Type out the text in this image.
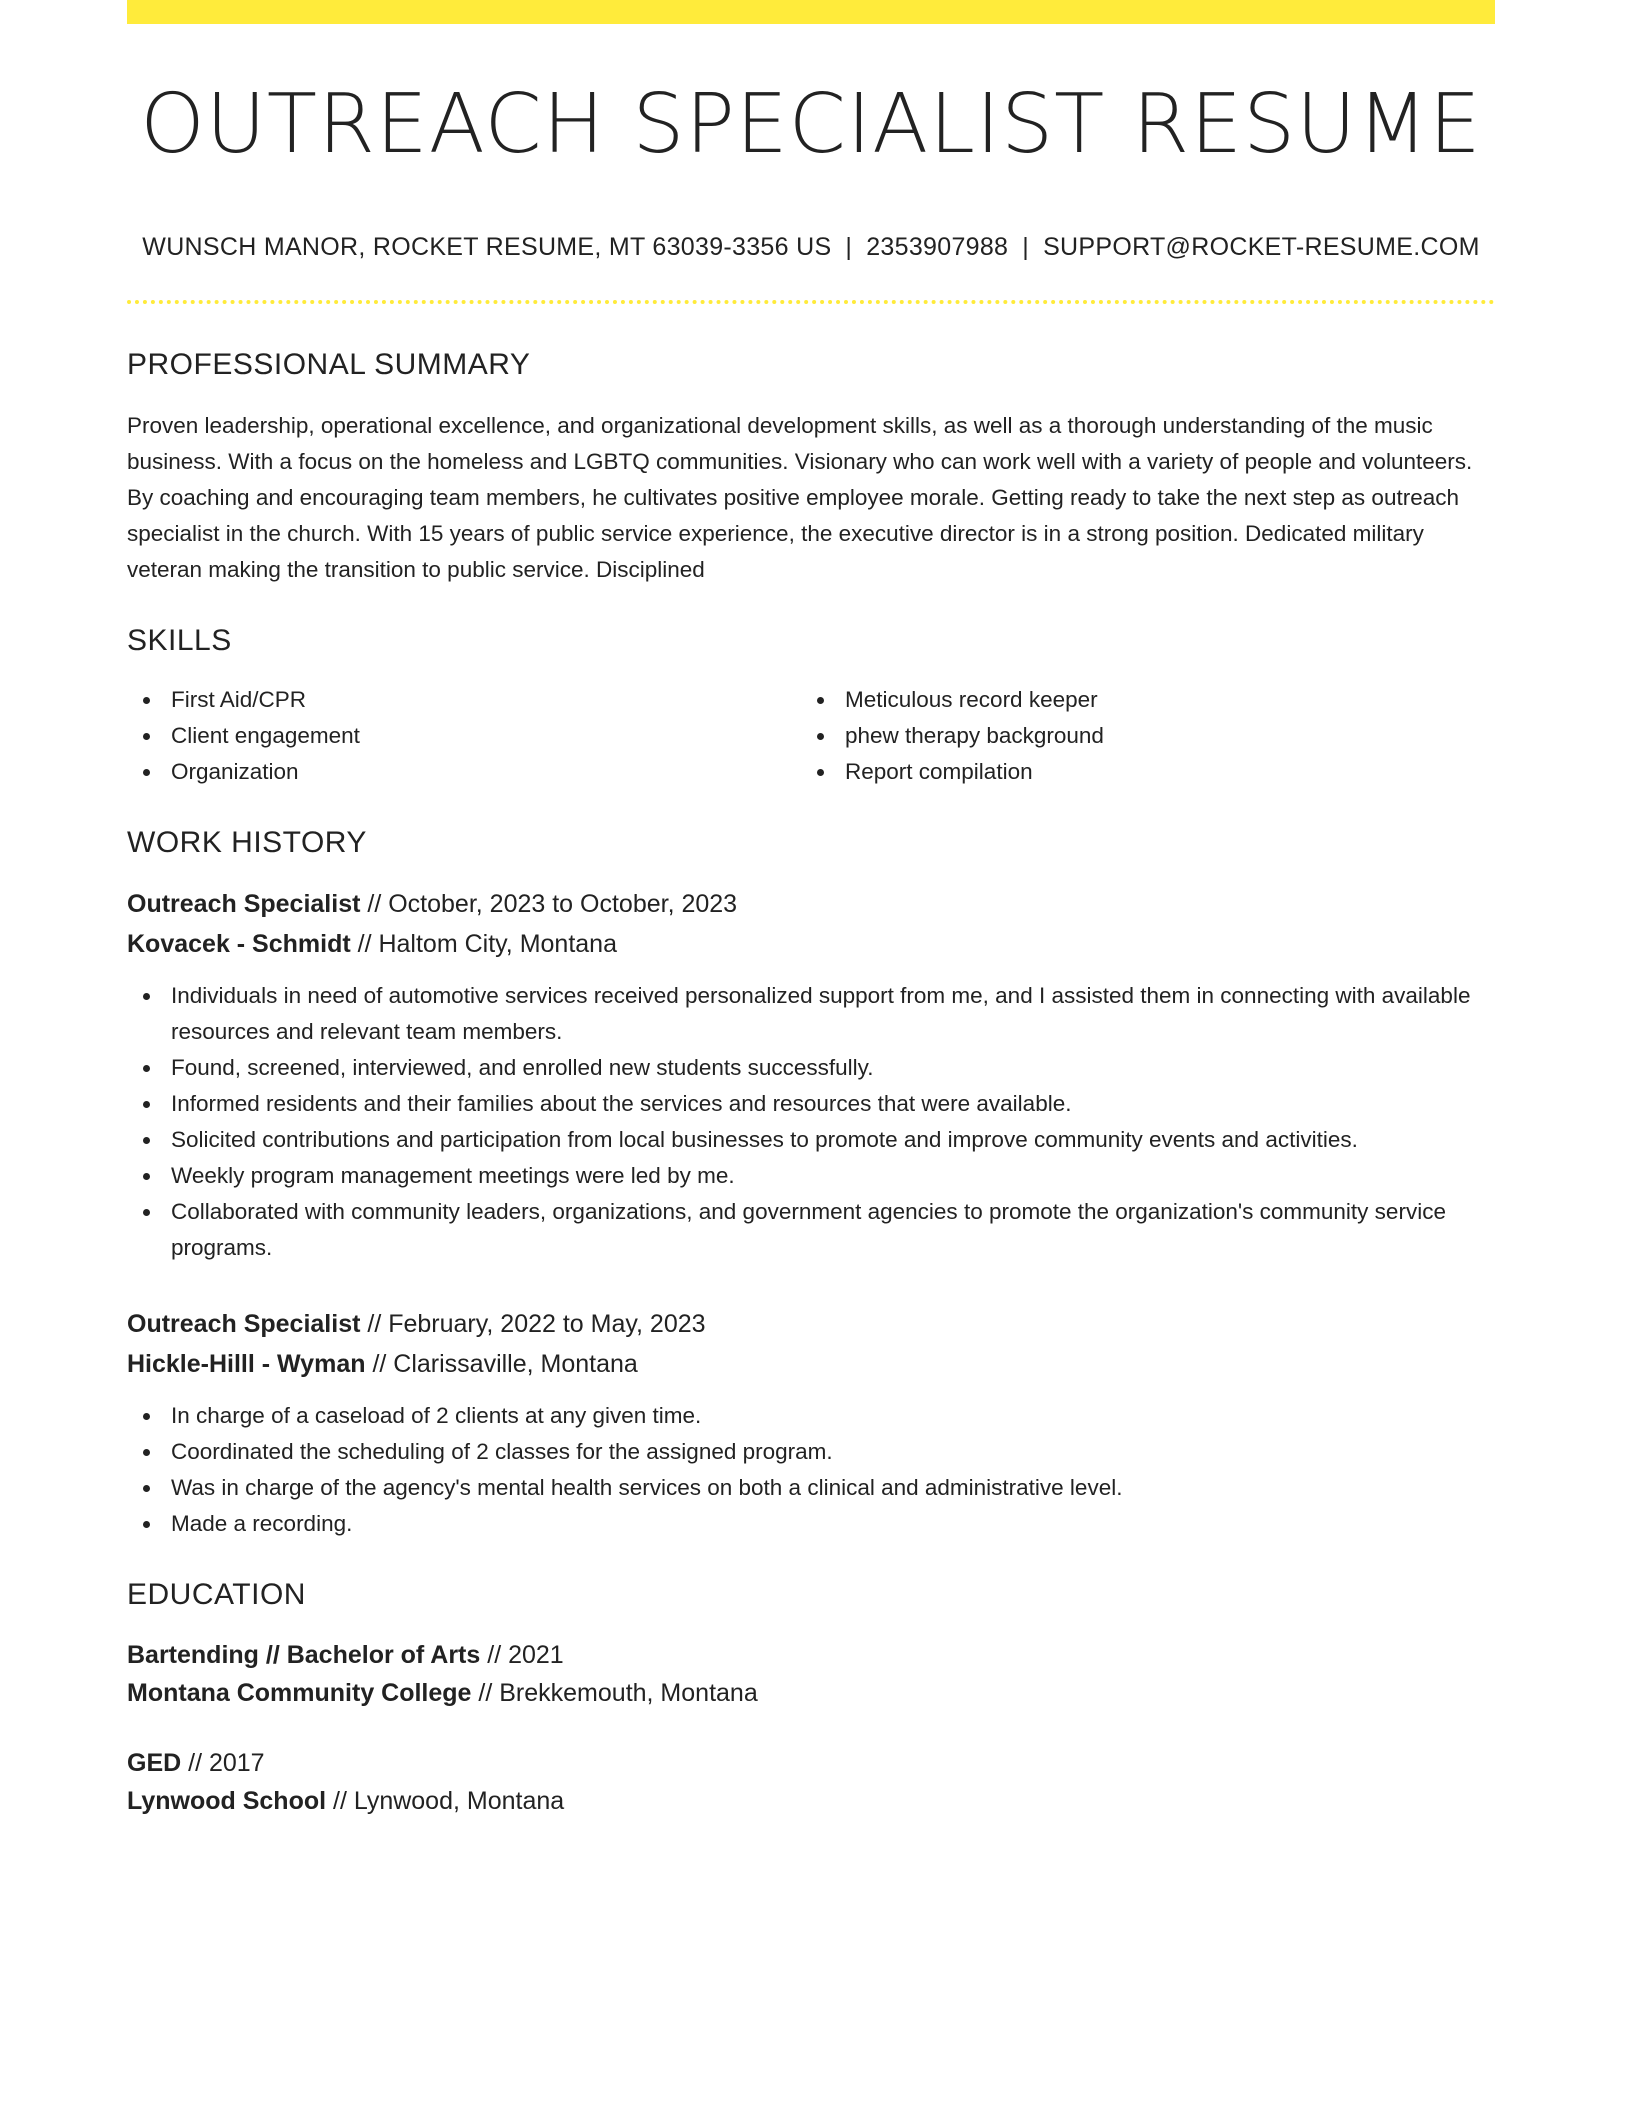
OUTREACH SPECIALIST RESUME
WUNSCH MANOR, ROCKET RESUME, MT 63039-3356 US | 2353907988 | SUPPORT@ROCKET-RESUME.COM
PROFESSIONAL SUMMARY

Proven leadership, operational excellence, and organizational development skills, as well as a thorough understanding of the music business. With a focus on the homeless and LGBTQ communities. Visionary who can work well with a variety of people and volunteers. By coaching and encouraging team members, he cultivates positive employee morale. Getting ready to take the next step as outreach specialist in the church. With 15 years of public service experience, the executive director is in a strong position. Dedicated military veteran making the transition to public service. Disciplined

SKILLS
First Aid/CPR
Client engagement
Organization
Meticulous record keeper
phew therapy background
Report compilation
WORK HISTORY
Outreach Specialist // October, 2023 to October, 2023
Kovacek - Schmidt // Haltom City, Montana
Individuals in need of automotive services received personalized support from me, and I assisted them in connecting with available resources and relevant team members.
Found, screened, interviewed, and enrolled new students successfully.
Informed residents and their families about the services and resources that were available.
Solicited contributions and participation from local businesses to promote and improve community events and activities.
Weekly program management meetings were led by me.
Collaborated with community leaders, organizations, and government agencies to promote the organization's community service programs.
Outreach Specialist // February, 2022 to May, 2023
Hickle-Hilll - Wyman // Clarissaville, Montana
In charge of a caseload of 2 clients at any given time.
Coordinated the scheduling of 2 classes for the assigned program.
Was in charge of the agency's mental health services on both a clinical and administrative level.
Made a recording.
EDUCATION
Bartending // Bachelor of Arts // 2021
Montana Community College // Brekkemouth, Montana
GED // 2017
Lynwood School // Lynwood, Montana
